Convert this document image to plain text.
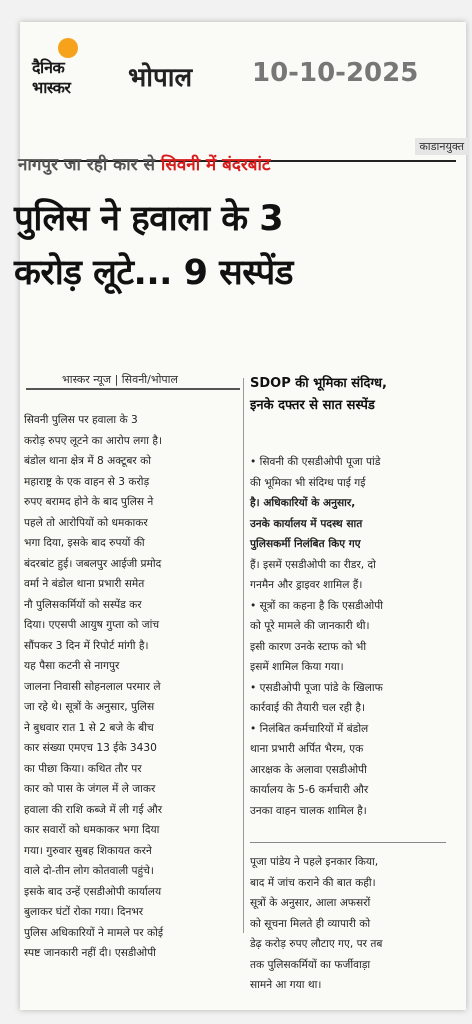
दैनिक
भास्कर भोपाल 10-10-2025
काडानयुक्त
नागपुर जा रही कार से सिवनी में बंदरबांट
पुलिस ने हवाला के 3
करोड़ लूटे... 9 सस्पेंड
भास्कर न्यूज | सिवनी/भोपाल

सिवनी पुलिस पर हवाला के 3

करोड़ रुपए लूटने का आरोप लगा है।

बंडोल थाना क्षेत्र में 8 अक्टूबर को

महाराष्ट्र के एक वाहन से 3 करोड़

रुपए बरामद होने के बाद पुलिस ने

पहले तो आरोपियों को धमकाकर

भगा दिया, इसके बाद रुपयों की

बंदरबांट हुई। जबलपुर आईजी प्रमोद

वर्मा ने बंडोल थाना प्रभारी समेत

नौ पुलिसकर्मियों को सस्पेंड कर

दिया। एएसपी आयुष गुप्ता को जांच

सौंपकर 3 दिन में रिपोर्ट मांगी है।

यह पैसा कटनी से नागपुर

जालना निवासी सोहनलाल परमार ले

जा रहे थे। सूत्रों के अनुसार, पुलिस

ने बुधवार रात 1 से 2 बजे के बीच

कार संख्या एमएच 13 ईके 3430

का पीछा किया। कथित तौर पर

कार को पास के जंगल में ले जाकर

हवाला की राशि कब्जे में ली गई और

कार सवारों को धमकाकर भगा दिया

गया। गुरुवार सुबह शिकायत करने

वाले दो-तीन लोग कोतवाली पहुंचे।

इसके बाद उन्हें एसडीओपी कार्यालय

बुलाकर घंटों रोका गया। दिनभर

पुलिस अधिकारियों ने मामले पर कोई

स्पष्ट जानकारी नहीं दी। एसडीओपी

SDOP की भूमिका संदिग्ध,
इनके दफ्तर से सात सस्पेंड

• सिवनी की एसडीओपी पूजा पांडे

की भूमिका भी संदिग्ध पाई गई

है। अधिकारियों के अनुसार,

उनके कार्यालय में पदस्थ सात

पुलिसकर्मी निलंबित किए गए

हैं। इसमें एसडीओपी का रीडर, दो

गनमैन और ड्राइवर शामिल हैं।

• सूत्रों का कहना है कि एसडीओपी

को पूरे मामले की जानकारी थी।

इसी कारण उनके स्टाफ को भी

इसमें शामिल किया गया।

• एसडीओपी पूजा पांडे के खिलाफ

कार्रवाई की तैयारी चल रही है।

• निलंबित कर्मचारियों में बंडोल

थाना प्रभारी अर्पित भैरम, एक

आरक्षक के अलावा एसडीओपी

कार्यालय के 5-6 कर्मचारी और

उनका वाहन चालक शामिल है।

पूजा पांडेय ने पहले इनकार किया,

बाद में जांच कराने की बात कही।

सूत्रों के अनुसार, आला अफसरों

को सूचना मिलते ही व्यापारी को

डेढ़ करोड़ रुपए लौटाए गए, पर तब

तक पुलिसकर्मियों का फर्जीवाड़ा

सामने आ गया था।
